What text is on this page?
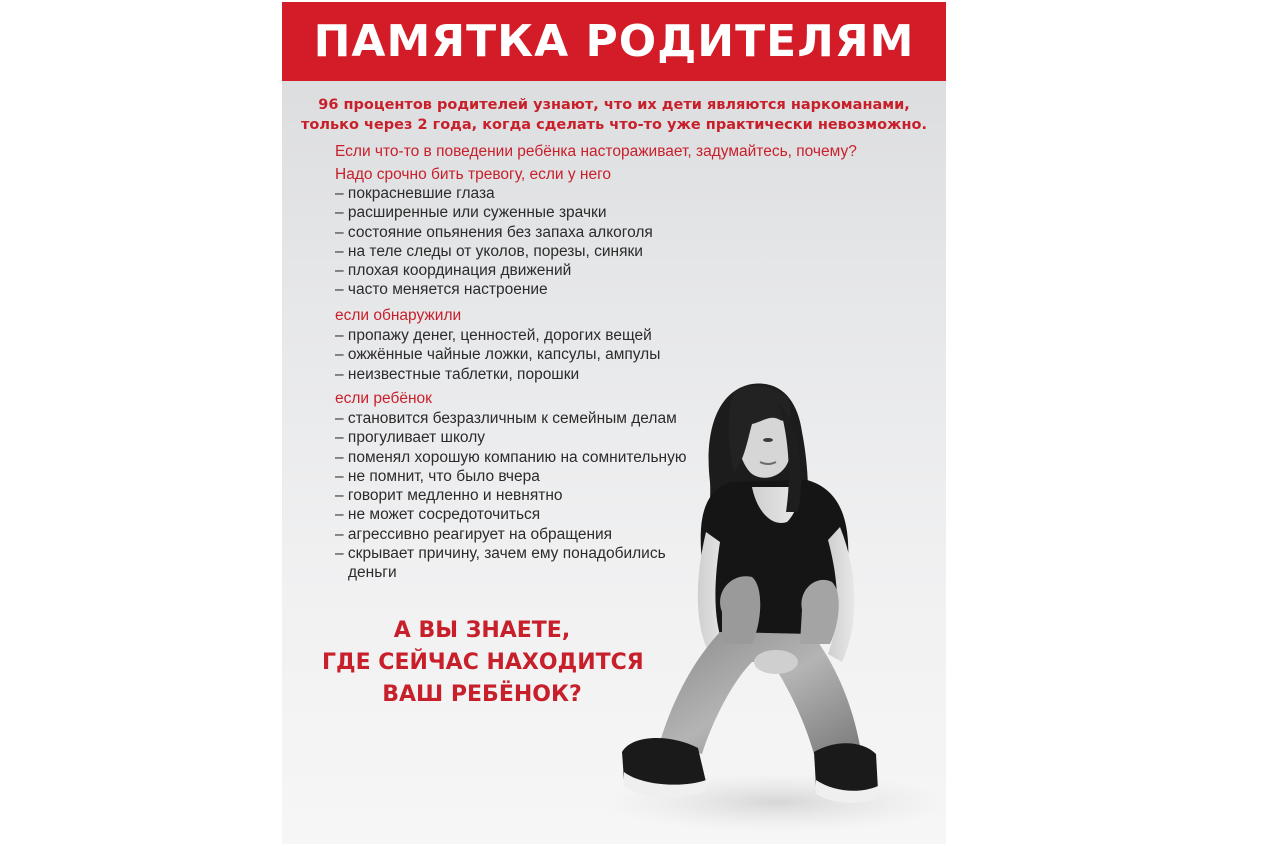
ПАМЯТКА РОДИТЕЛЯМ
96 процентов родителей узнают, что их дети являются наркоманами,
только через 2 года, когда сделать что-то уже практически невозможно.
Если что-то в поведении ребёнка настораживает, задумайтесь, почему?
Надо срочно бить тревогу, если у него
– покрасневшие глаза
– расширенные или суженные зрачки
– состояние опьянения без запаха алкоголя
– на теле следы от уколов, порезы, синяки
– плохая координация движений
– часто меняется настроение
если обнаружили
– пропажу денег, ценностей, дорогих вещей
– ожжённые чайные ложки, капсулы, ампулы
– неизвестные таблетки, порошки
если ребёнок
– становится безразличным к семейным делам
– прогуливает школу
– поменял хорошую компанию на сомнительную
– не помнит, что было вчера
– говорит медленно и невнятно
– не может сосредоточиться
– агрессивно реагирует на обращения
– скрывает причину, зачем ему понадобились деньги
А ВЫ ЗНАЕТЕ,
ГДЕ СЕЙЧАС НАХОДИТСЯ
ВАШ РЕБЁНОК?
